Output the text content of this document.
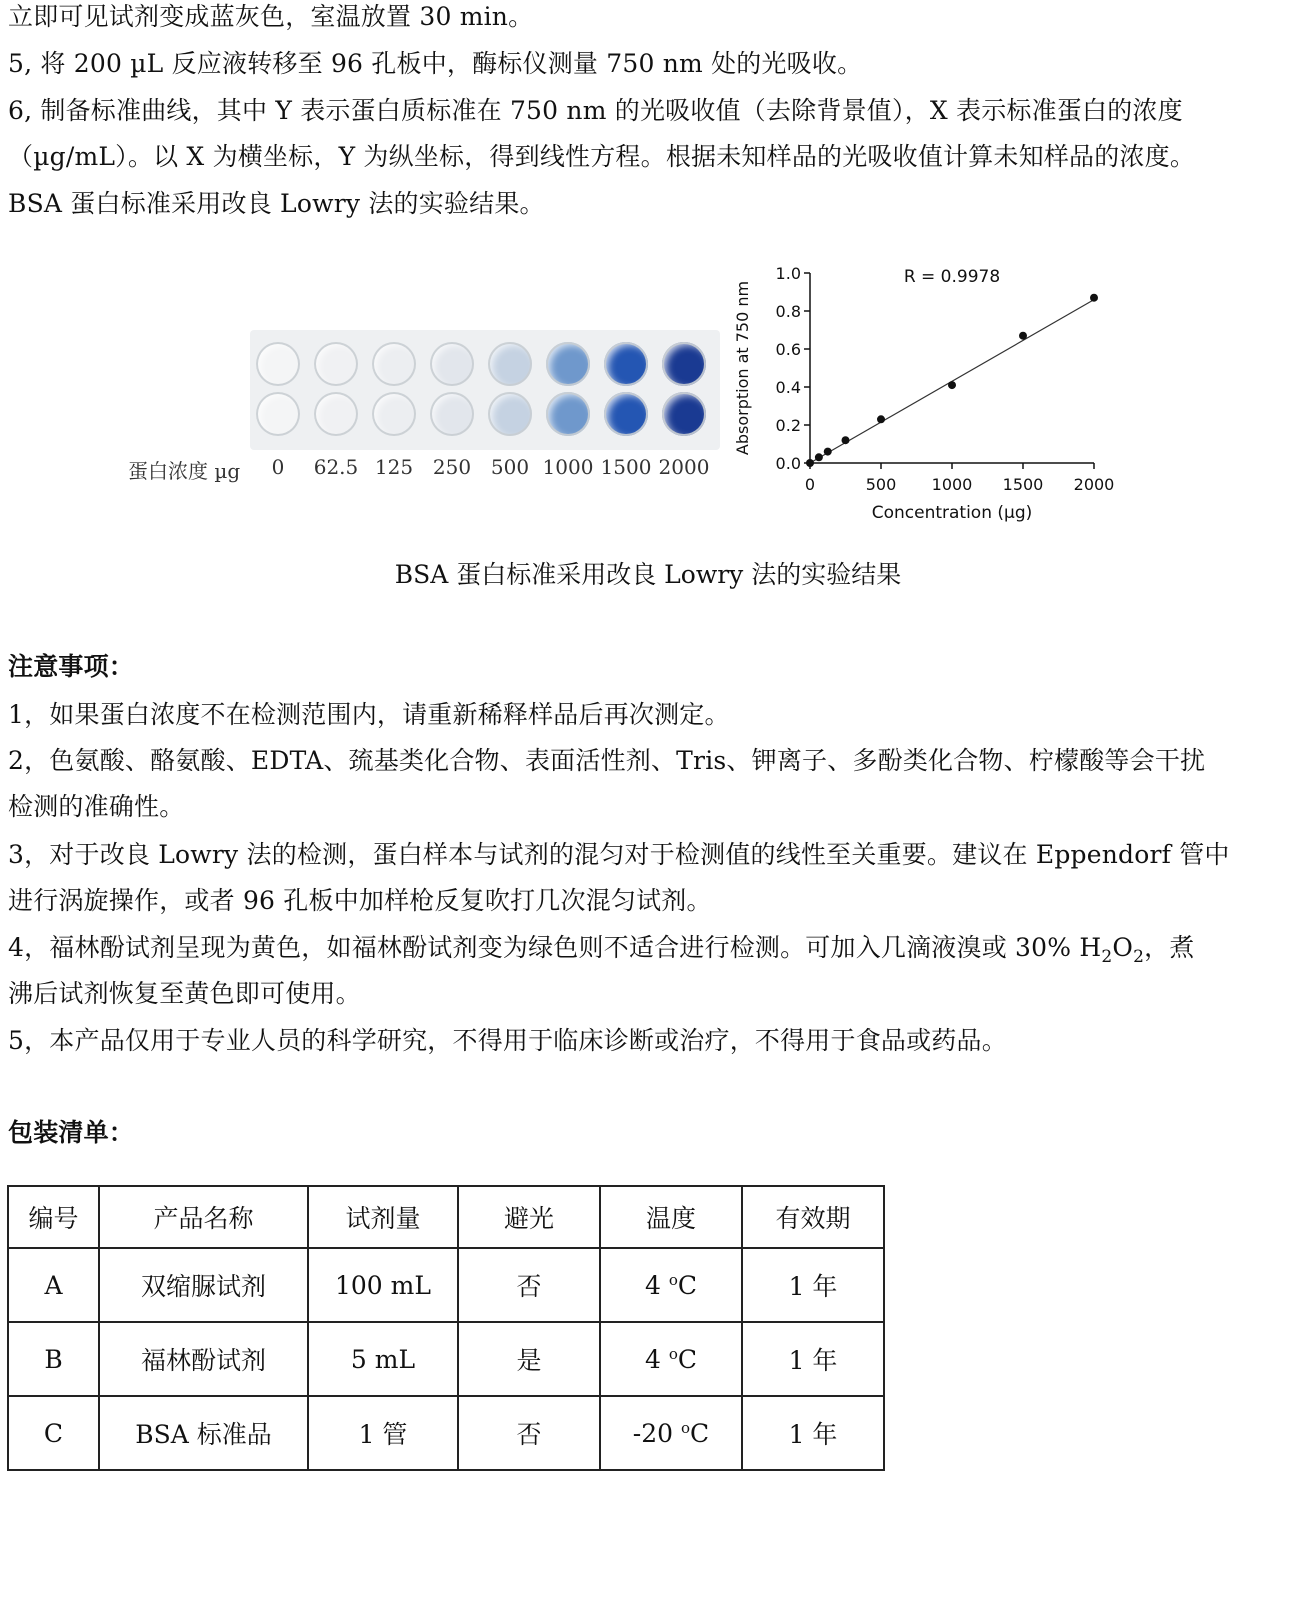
立即可见试剂变成蓝灰色，室温放置 30 min。
5, 将 200 µL 反应液转移至 96 孔板中，酶标仪测量 750 nm 处的光吸收。
6, 制备标准曲线，其中 Y 表示蛋白质标准在 750 nm 的光吸收值（去除背景值），X 表示标准蛋白的浓度
（µg/mL）。以 X 为横坐标，Y 为纵坐标，得到线性方程。根据未知样品的光吸收值计算未知样品的浓度。
BSA 蛋白标准采用改良 Lowry 法的实验结果。
蛋白浓度 µg 0 62.5 125 250 500 1000 1500 2000	0.0
0.2
0.4
0.6
0.8
1.0
0	500 1000 1500 2000
R = 0.9978
Concentration (µg)
Absorption at 750 nm
BSA 蛋白标准采用改良 Lowry 法的实验结果
注意事项：
1，如果蛋白浓度不在检测范围内，请重新稀释样品后再次测定。
2，色氨酸、酪氨酸、EDTA、巯基类化合物、表面活性剂、Tris、钾离子、多酚类化合物、柠檬酸等会干扰
检测的准确性。
3，对于改良 Lowry 法的检测，蛋白样本与试剂的混匀对于检测值的线性至关重要。建议在 Eppendorf 管中
进行涡旋操作，或者 96 孔板中加样枪反复吹打几次混匀试剂。
4，福林酚试剂呈现为黄色，如福林酚试剂变为绿色则不适合进行检测。可加入几滴液溴或 30% $H_2O_2$，煮
沸后试剂恢复至黄色即可使用。
5，本产品仅用于专业人员的科学研究，不得用于临床诊断或治疗，不得用于食品或药品。
包装清单：
编号	产品名称	试剂量	避光	温度	有效期
A	双缩脲试剂	100 mL	否	4 $^o$C	1 年
B	福林酚试剂	5 mL	是	4 $^o$C	1 年
C	BSA 标准品	1 管	否	-20 $^o$C	1 年
